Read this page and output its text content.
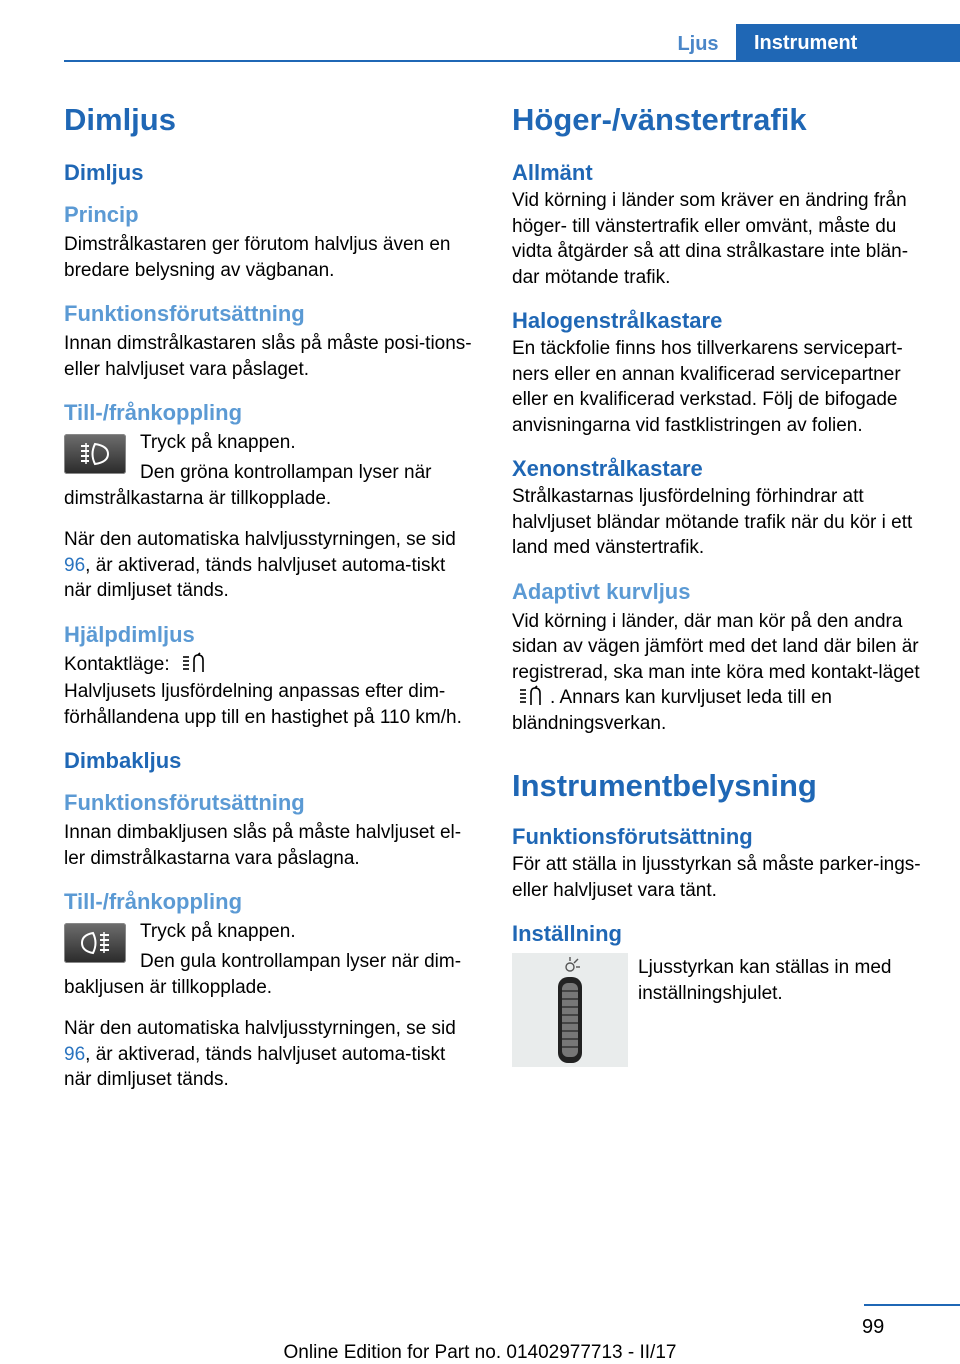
Ljus	Instrument
Dimljus
Dimljus
Princip
Dimstrålkastaren ger förutom halvljus även en bredare belysning av vägbanan.
Funktionsförutsättning
Innan dimstrålkastaren slås på måste posi-tions- eller halvljuset vara påslaget.
Till-/frånkoppling
Tryck på knappen.
Den gröna kontrollampan lyser när dimstrålkastarna är tillkopplade.
När den automatiska halvljusstyrningen, se sid 96, är aktiverad, tänds halvljuset automa-tiskt när dimljuset tänds.
Hjälpdimljus
Kontaktläge:
Halvljusets ljusfördelning anpassas efter dim-förhållandena upp till en hastighet på 110 km/h.
Dimbakljus
Funktionsförutsättning
Innan dimbakljusen slås på måste halvljuset el-ler dimstrålkastarna vara påslagna.
Till-/frånkoppling
Tryck på knappen.
Den gula kontrollampan lyser när dim-bakljusen är tillkopplade.
När den automatiska halvljusstyrningen, se sid 96, är aktiverad, tänds halvljuset automa-tiskt när dimljuset tänds.
Höger-/vänstertrafik
Allmänt
Vid körning i länder som kräver en ändring från höger- till vänstertrafik eller omvänt, måste du vidta åtgärder så att dina strålkastare inte blän-dar mötande trafik.
Halogenstrålkastare
En täckfolie finns hos tillverkarens servicepart-ners eller en annan kvalificerad servicepartner eller en kvalificerad verkstad. Följ de bifogade anvisningarna vid fastklistringen av folien.
Xenonstrålkastare
Strålkastarnas ljusfördelning förhindrar att halvljuset bländar mötande trafik när du kör i ett land med vänstertrafik.
Adaptivt kurvljus
Vid körning i länder, där man kör på den andra sidan av vägen jämfört med det land där bilen är registrerad, ska man inte köra med kontakt-läget . Annars kan kurvljuset leda till en bländningsverkan.
Instrumentbelysning
Funktionsförutsättning
För att ställa in ljusstyrkan så måste parker-ings- eller halvljuset vara tänt.
Inställning
Ljusstyrkan kan ställas in med inställningshjulet.
99
Online Edition for Part no. 01402977713 - II/17
